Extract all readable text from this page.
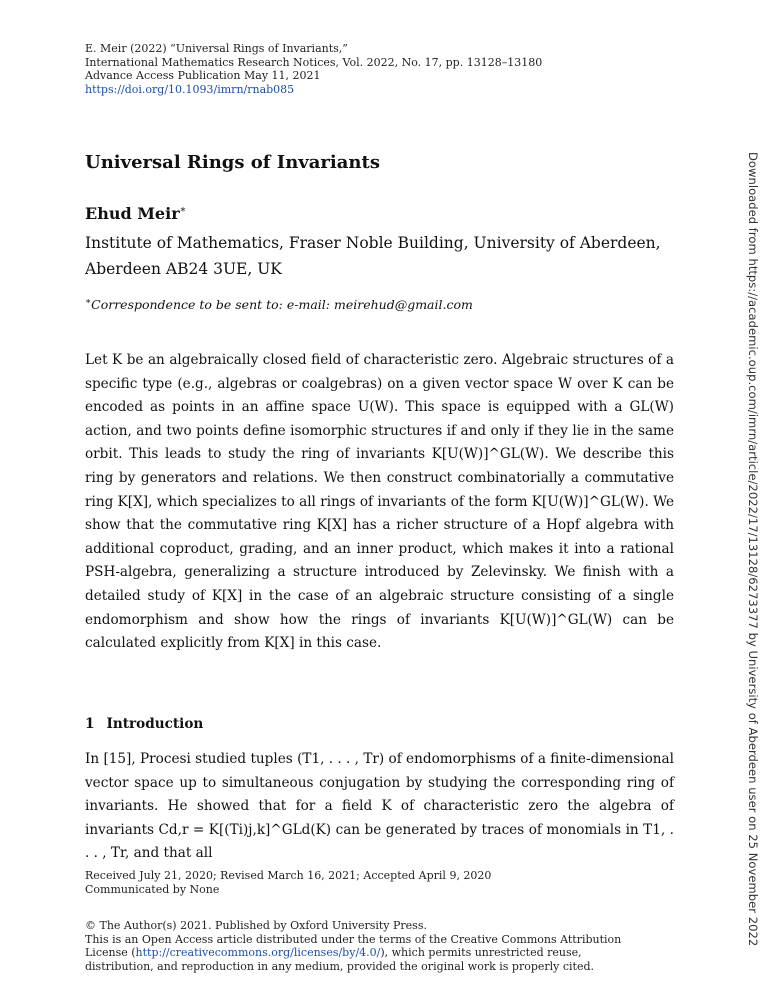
E. Meir (2022) “Universal Rings of Invariants,”
International Mathematics Research Notices, Vol. 2022, No. 17, pp. 13128–13180
Advance Access Publication May 11, 2021
https://doi.org/10.1093/imrn/rnab085
Universal Rings of Invariants
Ehud Meir∗
Institute of Mathematics, Fraser Noble Building, University of Aberdeen,
Aberdeen AB24 3UE, UK
∗Correspondence to be sent to: e-mail: meirehud@gmail.com
Let K be an algebraically closed field of characteristic zero. Algebraic structures of a specific type (e.g., algebras or coalgebras) on a given vector space W over K can be encoded as points in an affine space U(W). This space is equipped with a GL(W) action, and two points define isomorphic structures if and only if they lie in the same orbit. This leads to study the ring of invariants K[U(W)]^GL(W). We describe this ring by generators and relations. We then construct combinatorially a commutative ring K[X], which specializes to all rings of invariants of the form K[U(W)]^GL(W). We show that the commutative ring K[X] has a richer structure of a Hopf algebra with additional coproduct, grading, and an inner product, which makes it into a rational PSH-algebra, generalizing a structure introduced by Zelevinsky. We finish with a detailed study of K[X] in the case of an algebraic structure consisting of a single endomorphism and show how the rings of invariants K[U(W)]^GL(W) can be calculated explicitly from K[X] in this case.
1 Introduction
In [15], Procesi studied tuples (T1, . . . , Tr) of endomorphisms of a finite-dimensional vector space up to simultaneous conjugation by studying the corresponding ring of invariants. He showed that for a field K of characteristic zero the algebra of invariants Cd,r = K[(Ti)j,k]^GLd(K) can be generated by traces of monomials in T1, . . . , Tr, and that all
Received July 21, 2020; Revised March 16, 2021; Accepted April 9, 2020
Communicated by None
© The Author(s) 2021. Published by Oxford University Press.
This is an Open Access article distributed under the terms of the Creative Commons Attribution
License (http://creativecommons.org/licenses/by/4.0/), which permits unrestricted reuse,
distribution, and reproduction in any medium, provided the original work is properly cited.
Downloaded from https://academic.oup.com/imrn/article/2022/17/13128/6273377 by University of Aberdeen user on 25 November 2022
